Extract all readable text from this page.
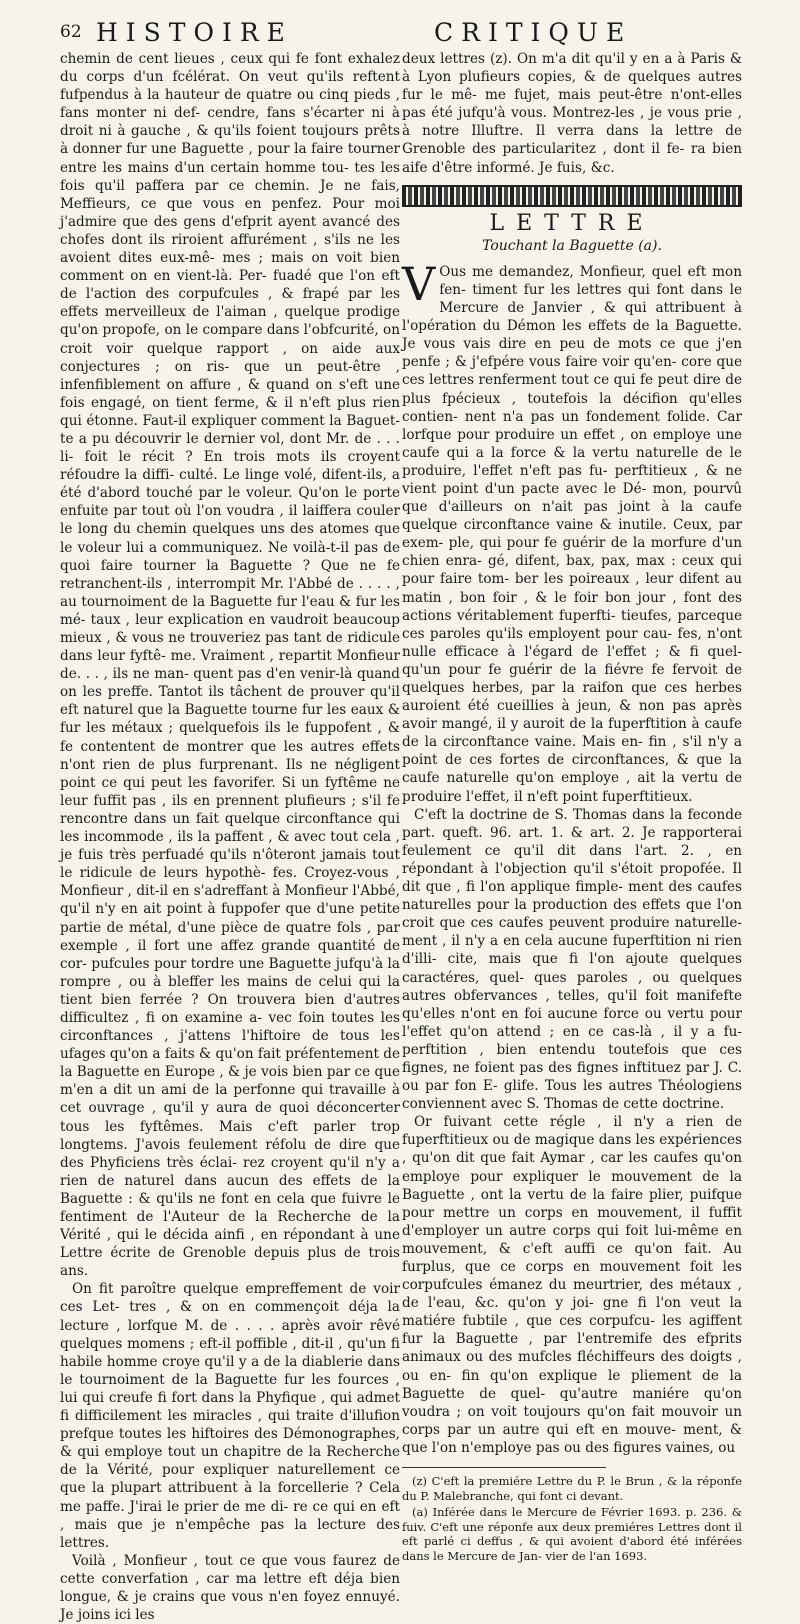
62 HISTOIRE	CRITIQUE

chemin de cent lieues , ceux qui fe font exhalez du corps d'un fcélérat. On veut qu'ils reftent fufpendus à la hauteur de quatre ou cinq pieds , fans monter ni def- cendre, fans s'écarter ni à droit ni à gauche , & qu'ils foient toujours prêts à donner fur une Baguette , pour la faire tourner entre les mains d'un certain homme tou- tes les fois qu'il paffera par ce chemin. Je ne fais, Meffieurs, ce que vous en penfez. Pour moi j'admire que des gens d'efprit ayent avancé des chofes dont ils riroient affurément , s'ils ne les avoient dites eux-mê- mes ; mais on voit bien comment on en vient-là. Per- fuadé que l'on eft de l'action des corpufcules , & frapé par les effets merveilleux de l'aiman , quelque prodige qu'on propofe, on le compare dans l'obfcurité, on croit voir quelque rapport , on aide aux conjectures ; on ris- que un peut-être , infenfiblement on affure , & quand on s'eft une fois engagé, on tient ferme, & il n'eft plus rien qui étonne. Faut-il expliquer comment la Baguet- te a pu découvrir le dernier vol, dont Mr. de . . . li- foit le récit ? En trois mots ils croyent réfoudre la diffi- culté. Le linge volé, difent-ils, a été d'abord touché par le voleur. Qu'on le porte enfuite par tout où l'on voudra , il laiffera couler le long du chemin quelques uns des atomes que le voleur lui a communiquez. Ne voilà-t-il pas de quoi faire tourner la Baguette ? Que ne fe retranchent-ils , interrompit Mr. l'Abbé de . . . . , au tournoiment de la Baguette fur l'eau & fur les mé- taux , leur explication en vaudroit beaucoup mieux , & vous ne trouveriez pas tant de ridicule dans leur fyftê- me. Vraiment , repartit Monfieur de. . . , ils ne man- quent pas d'en venir-là quand on les preffe. Tantot ils tâchent de prouver qu'il eft naturel que la Baguette tourne fur les eaux & fur les métaux ; quelquefois ils le fuppofent , & fe contentent de montrer que les autres effets n'ont rien de plus furprenant. Ils ne négligent point ce qui peut les favorifer. Si un fyftême ne leur fuffit pas , ils en prennent plufieurs ; s'il fe rencontre dans un fait quelque circonftance qui les incommode , ils la paffent , & avec tout cela , je fuis très perfuadé qu'ils n'ôteront jamais tout le ridicule de leurs hypothè- fes. Croyez-vous , Monfieur , dit-il en s'adreffant à Monfieur l'Abbé, qu'il n'y en ait point à fuppofer que d'une petite partie de métal, d'une pièce de quatre fols , par exemple , il fort une affez grande quantité de cor- pufcules pour tordre une Baguette jufqu'à la rompre , ou à bleffer les mains de celui qui la tient bien ferrée ? On trouvera bien d'autres difficultez , fi on examine a- vec foin toutes les circonftances , j'attens l'hiftoire de tous les ufages qu'on a faits & qu'on fait préfentement de la Baguette en Europe , & je vois bien par ce que m'en a dit un ami de la perfonne qui travaille à cet ouvrage , qu'il y aura de quoi déconcerter tous les fyftêmes. Mais c'eft parler trop longtems. J'avois feulement réfolu de dire que des Phyficiens très éclai- rez croyent qu'il n'y a rien de naturel dans aucun des effets de la Baguette : & qu'ils ne font en cela que fuivre le fentiment de l'Auteur de la Recherche de la Vérité , qui le décida ainfi , en répondant à une Lettre écrite de Grenoble depuis plus de trois ans.

On fit paroître quelque empreffement de voir ces Let- tres , & on en commençoit déja la lecture , lorfque M. de . . . . après avoir rêvé quelques momens ; eft-il poffible , dit-il , qu'un fi habile homme croye qu'il y a de la diablerie dans le tournoiment de la Baguette fur les fources , lui qui creufe fi fort dans la Phyfique , qui admet fi difficilement les miracles , qui traite d'illufion prefque toutes les hiftoires des Démonographes, & qui employe tout un chapitre de la Recherche de la Vérité, pour expliquer naturellement ce que la plupart attribuent à la forcellerie ? Cela me paffe. J'irai le prier de me di- re ce qui en eft , mais que je n'empêche pas la lecture des lettres.

Voilà , Monfieur , tout ce que vous faurez de cette converfation , car ma lettre eft déja bien longue, & je crains que vous n'en foyez ennuyé. Je joins ici les

deux lettres (z). On m'a dit qu'il y en a à Paris & à Lyon plufieurs copies, & de quelques autres fur le mê- me fujet, mais peut-être n'ont-elles pas été jufqu'à vous. Montrez-les , je vous prie , à notre Illuftre. Il verra dans la lettre de Grenoble des particularitez , dont il fe- ra bien aife d'être informé. Je fuis, &c.

LETTRE
Touchant la Baguette (a).

V Ous me demandez, Monfieur, quel eft mon fen- timent fur les lettres qui font dans le Mercure de Janvier , & qui attribuent à l'opération du Démon les effets de la Baguette. Je vous vais dire en peu de mots ce que j'en penfe ; & j'efpére vous faire voir qu'en- core que ces lettres renferment tout ce qui fe peut dire de plus fpécieux , toutefois la décifion qu'elles contien- nent n'a pas un fondement folide. Car lorfque pour produire un effet , on employe une caufe qui a la force & la vertu naturelle de le produire, l'effet n'eft pas fu- perftitieux , & ne vient point d'un pacte avec le Dé- mon, pourvû que d'ailleurs on n'ait pas joint à la caufe quelque circonftance vaine & inutile. Ceux, par exem- ple, qui pour fe guérir de la morfure d'un chien enra- gé, difent, bax, pax, max : ceux qui pour faire tom- ber les poireaux , leur difent au matin , bon foir , & le foir bon jour , font des actions véritablement fuperfti- tieufes, parceque ces paroles qu'ils employent pour cau- fes, n'ont nulle efficace à l'égard de l'effet ; & fi quel- qu'un pour fe guérir de la fiévre fe fervoit de quelques herbes, par la raifon que ces herbes auroient été cueillies à jeun, & non pas après avoir mangé, il y auroit de la fuperftition à caufe de la circonftance vaine. Mais en- fin , s'il n'y a point de ces fortes de circonftances, & que la caufe naturelle qu'on employe , ait la vertu de produire l'effet, il n'eft point fuperftitieux.

C'eft la doctrine de S. Thomas dans la feconde part. queft. 96. art. 1. & art. 2. Je rapporterai feulement ce qu'il dit dans l'art. 2. , en répondant à l'objection qu'il s'étoit propofée. Il dit que , fi l'on applique fimple- ment des caufes naturelles pour la production des effets que l'on croit que ces caufes peuvent produire naturelle- ment , il n'y a en cela aucune fuperftition ni rien d'illi- cite, mais que fi l'on ajoute quelques caractéres, quel- ques paroles , ou quelques autres obfervances , telles, qu'il foit manifefte qu'elles n'ont en foi aucune force ou vertu pour l'effet qu'on attend ; en ce cas-là , il y a fu- perftition , bien entendu toutefois que ces fignes, ne foient pas des fignes inftituez par J. C. ou par fon E- glife. Tous les autres Théologiens conviennent avec S. Thomas de cette doctrine.

Or fuivant cette régle , il n'y a rien de fuperftitieux ou de magique dans les expériences , qu'on dit que fait Aymar , car les caufes qu'on employe pour expliquer le mouvement de la Baguette , ont la vertu de la faire plier, puifque pour mettre un corps en mouvement, il fuffit d'employer un autre corps qui foit lui-même en mouvement, & c'eft auffi ce qu'on fait. Au furplus, que ce corps en mouvement foit les corpufcules émanez du meurtrier, des métaux , de l'eau, &c. qu'on y joi- gne fi l'on veut la matiére fubtile , que ces corpufcu- les agiffent fur la Baguette , par l'entremife des efprits animaux ou des mufcles fléchiffeurs des doigts , ou en- fin qu'on explique le pliement de la Baguette de quel- qu'autre maniére qu'on voudra ; on voit toujours qu'on fait mouvoir un corps par un autre qui eft en mouve- ment, & que l'on n'employe pas ou des figures vaines, ou

(z) C'eft la premiére Lettre du P. le Brun , & la réponfe du P. Malebranche, qui font ci devant.

(a) Inférée dans le Mercure de Février 1693. p. 236. & fuiv. C'eft une réponfe aux deux premiéres Lettres dont il eft parlé ci deffus , & qui avoient d'abord été inférées dans le Mercure de Jan- vier de l'an 1693.
